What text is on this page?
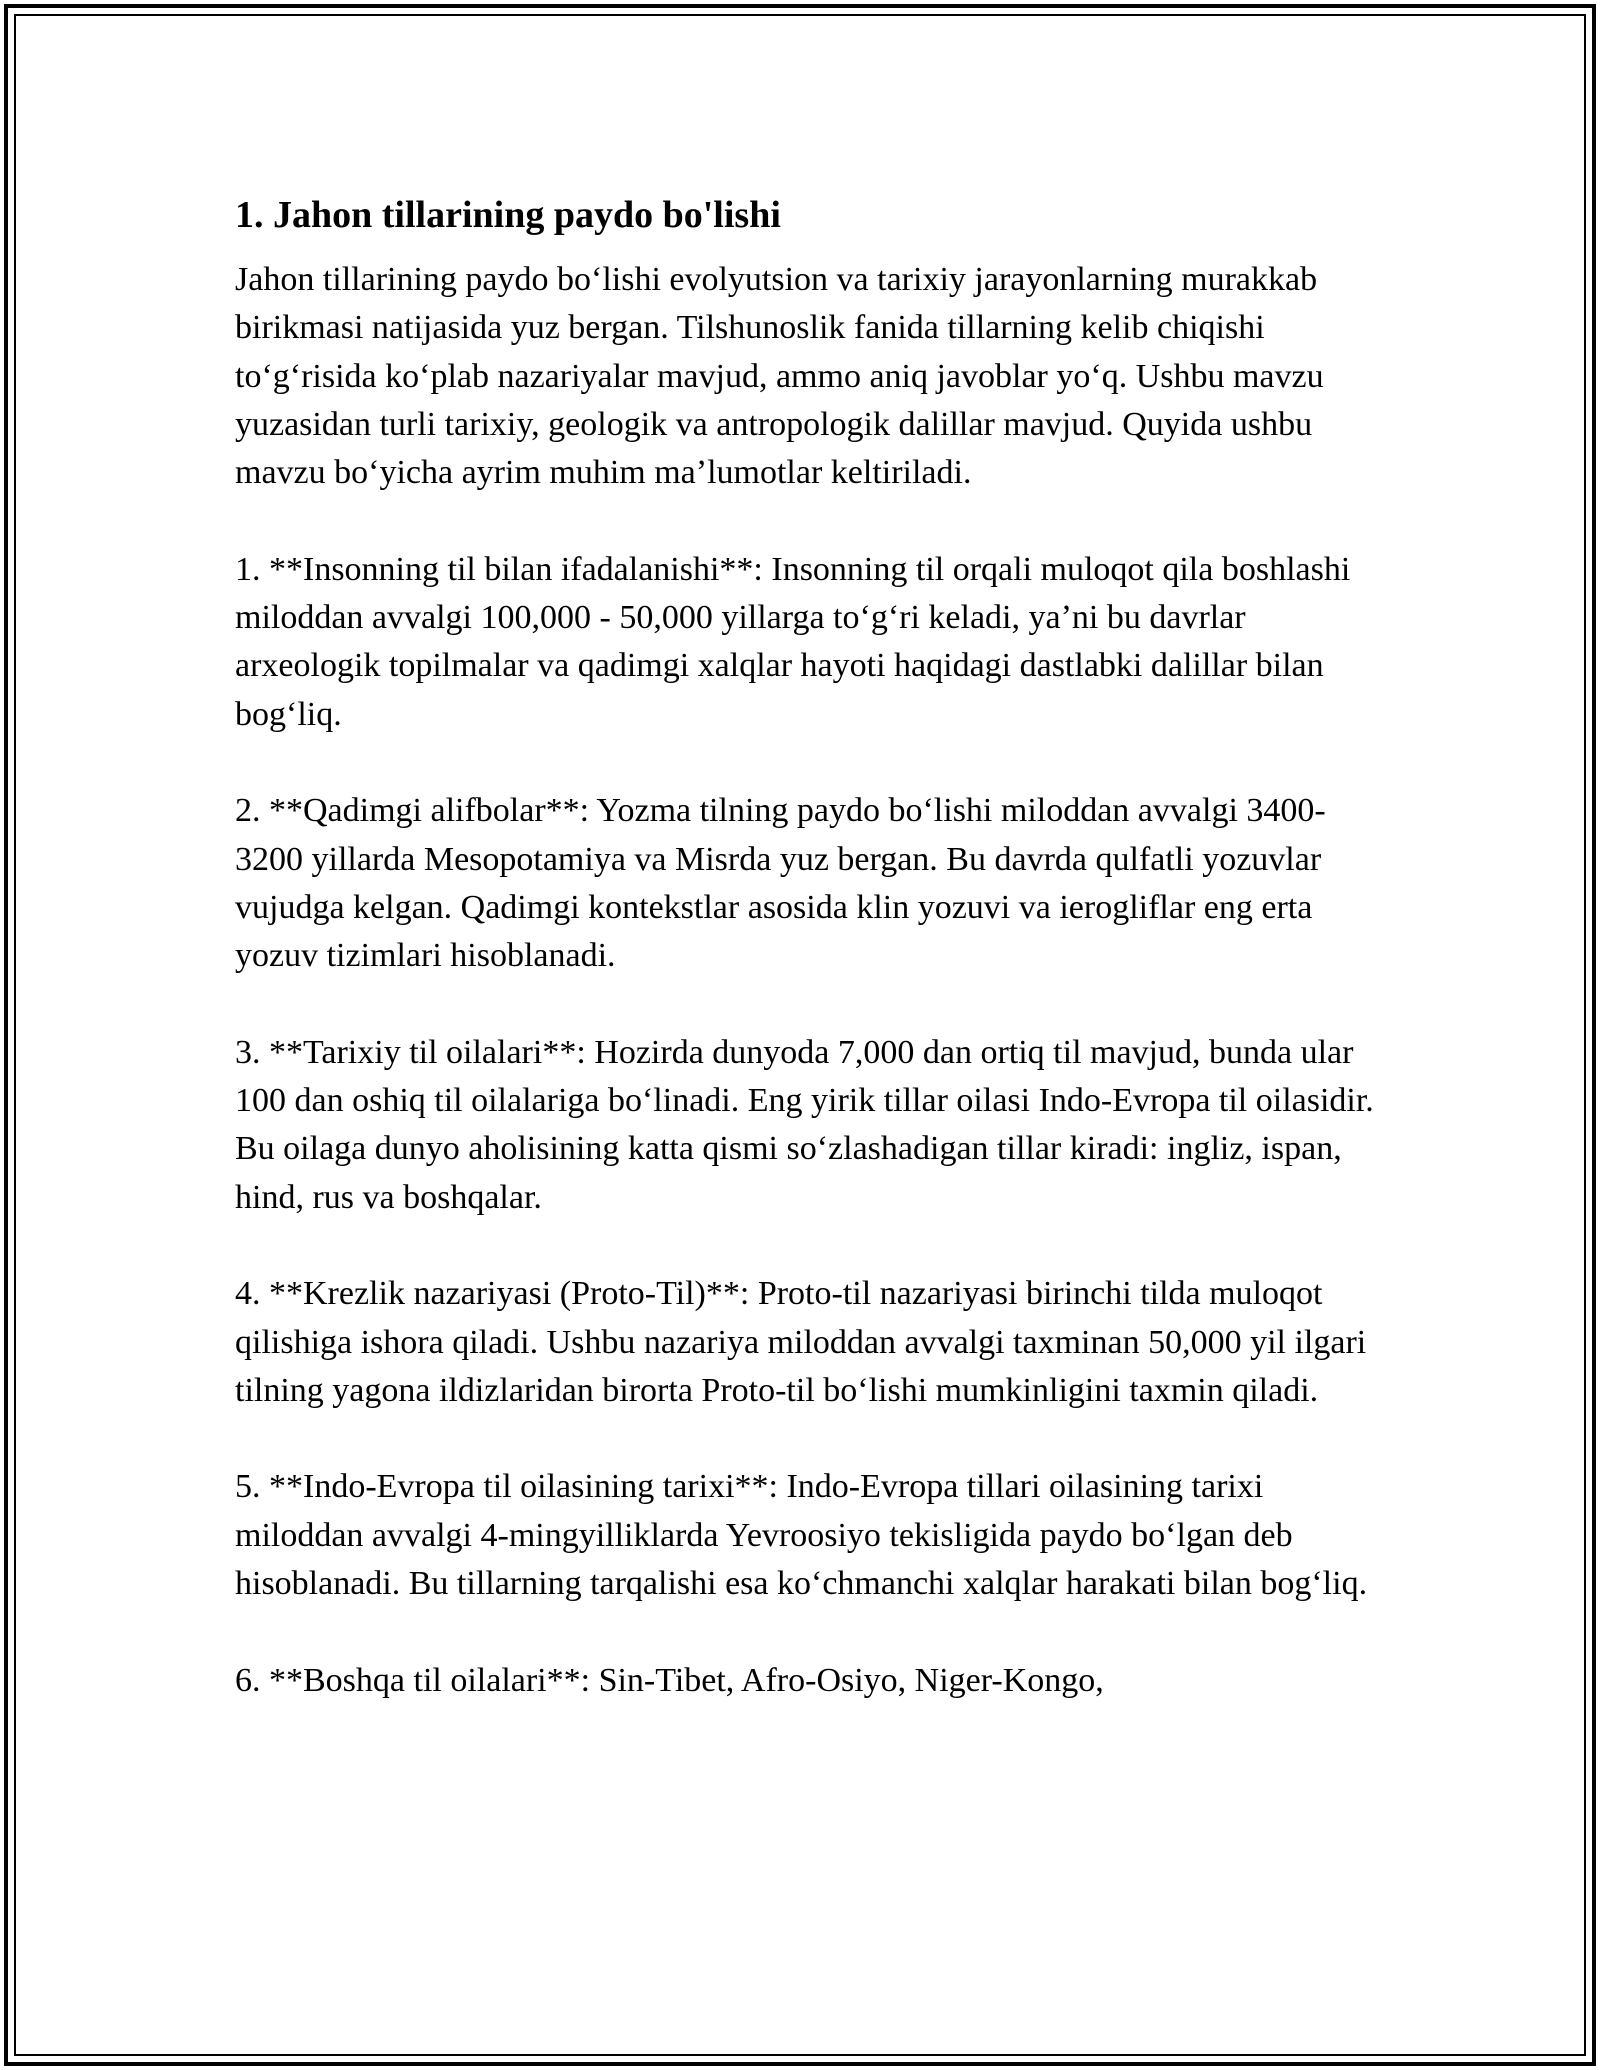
1. Jahon tillarining paydo bo'lishi

Jahon tillarining paydo boʻlishi evolyutsion va tarixiy jarayonlarning murakkab birikmasi natijasida yuz bergan. Tilshunoslik fanida tillarning kelib chiqishi toʻgʻrisida koʻplab nazariyalar mavjud, ammo aniq javoblar yoʻq. Ushbu mavzu yuzasidan turli tarixiy, geologik va antropologik dalillar mavjud. Quyida ushbu mavzu boʻyicha ayrim muhim maʼlumotlar keltiriladi.

1. **Insonning til bilan ifadalanishi**: Insonning til orqali muloqot qila boshlashi miloddan avvalgi 100,000 - 50,000 yillarga toʻgʻri keladi, yaʼni bu davrlar arxeologik topilmalar va qadimgi xalqlar hayoti haqidagi dastlabki dalillar bilan bogʻliq.

2. **Qadimgi alifbolar**: Yozma tilning paydo boʻlishi miloddan avvalgi 3400-3200 yillarda Mesopotamiya va Misrda yuz bergan. Bu davrda qulfatli yozuvlar vujudga kelgan. Qadimgi kontekstlar asosida klin yozuvi va ierogliflar eng erta yozuv tizimlari hisoblanadi.

3. **Tarixiy til oilalari**: Hozirda dunyoda 7,000 dan ortiq til mavjud, bunda ular 100 dan oshiq til oilalariga boʻlinadi. Eng yirik tillar oilasi Indo-Evropa til oilasidir. Bu oilaga dunyo aholisining katta qismi soʻzlashadigan tillar kiradi: ingliz, ispan, hind, rus va boshqalar.

4. **Krezlik nazariyasi (Proto-Til)**: Proto-til nazariyasi birinchi tilda muloqot qilishiga ishora qiladi. Ushbu nazariya miloddan avvalgi taxminan 50,000 yil ilgari tilning yagona ildizlaridan birorta Proto-til boʻlishi mumkinligini taxmin qiladi.

5. **Indo-Evropa til oilasining tarixi**: Indo-Evropa tillari oilasining tarixi miloddan avvalgi 4-mingyilliklarda Yevroosiyo tekisligida paydo boʻlgan deb hisoblanadi. Bu tillarning tarqalishi esa koʻchmanchi xalqlar harakati bilan bogʻliq.

6. **Boshqa til oilalari**: Sin-Tibet, Afro-Osiyo, Niger-Kongo,
